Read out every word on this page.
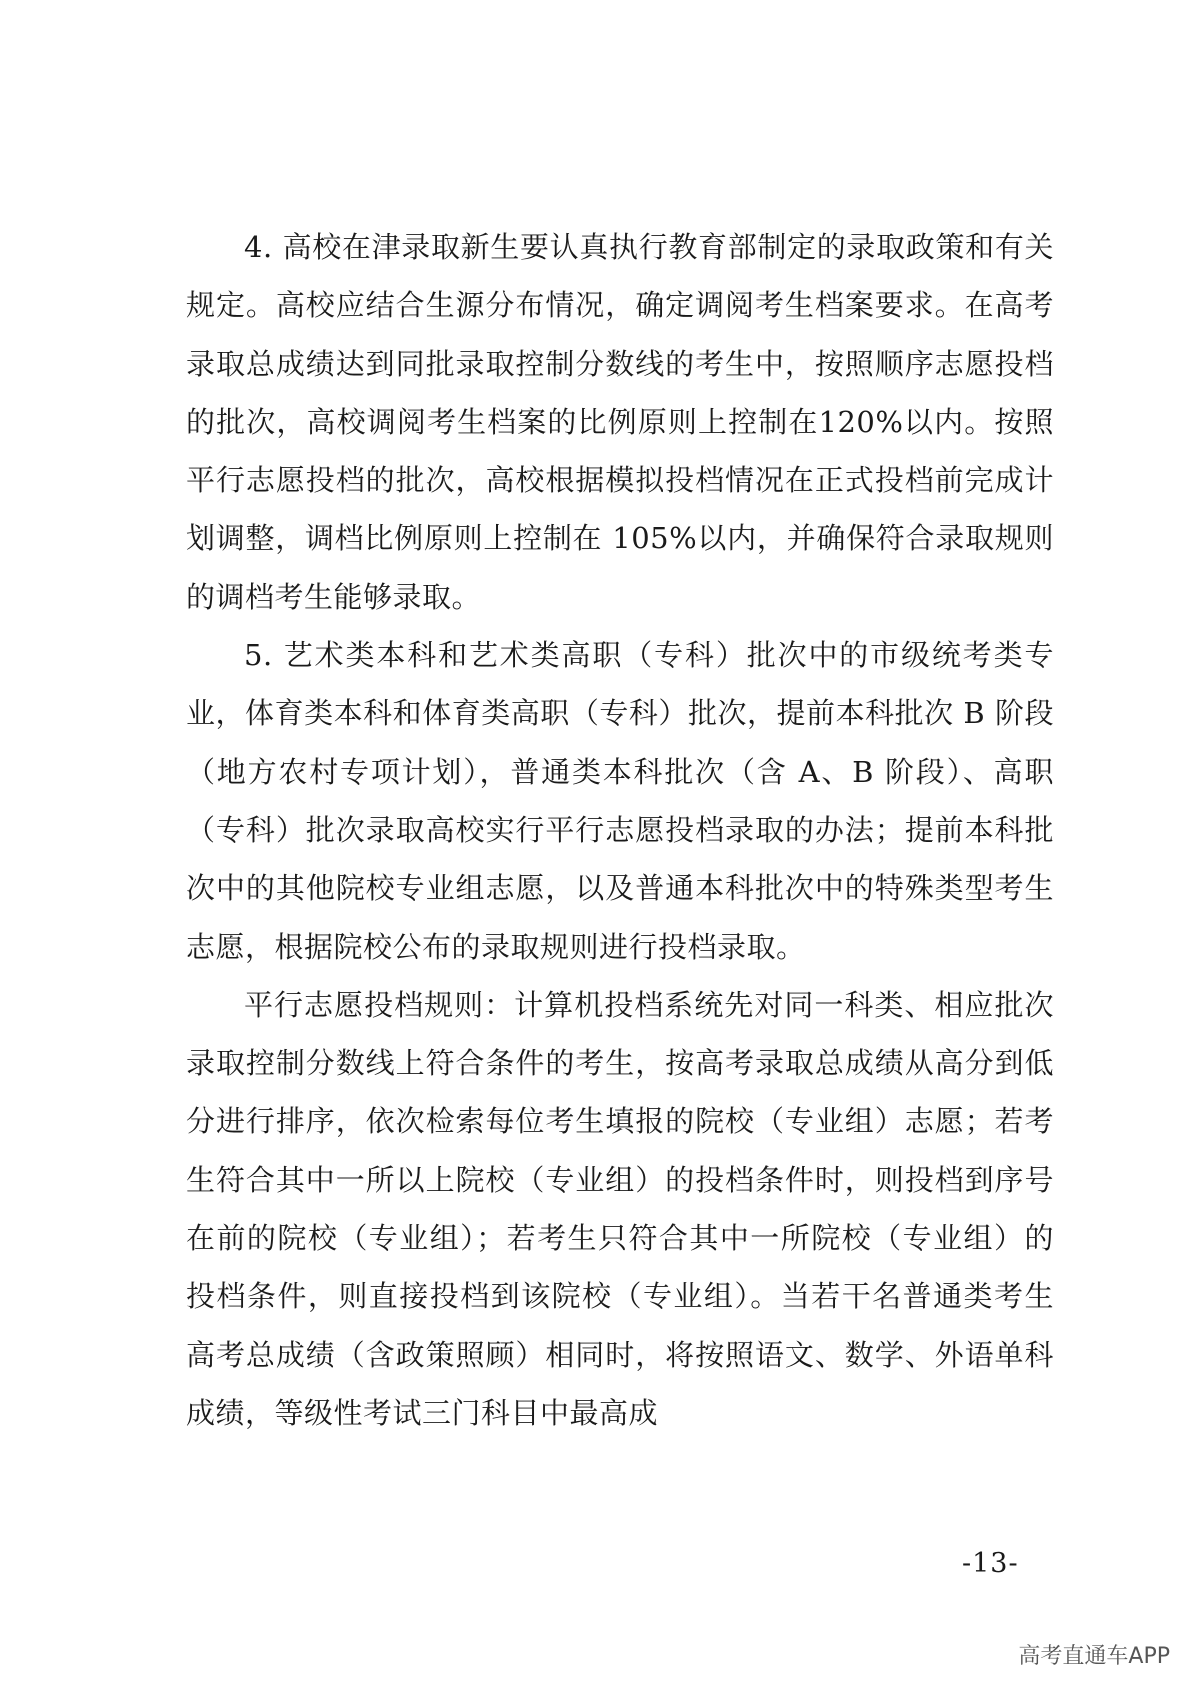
4. 高校在津录取新生要认真执行教育部制定的录取政策和有关规定。高校应结合生源分布情况，确定调阅考生档案要求。在高考录取总成绩达到同批录取控制分数线的考生中，按照顺序志愿投档的批次，高校调阅考生档案的比例原则上控制在120%以内。按照平行志愿投档的批次，高校根据模拟投档情况在正式投档前完成计划调整，调档比例原则上控制在 105%以内，并确保符合录取规则的调档考生能够录取。

5. 艺术类本科和艺术类高职（专科）批次中的市级统考类专业，体育类本科和体育类高职（专科）批次，提前本科批次 B 阶段（地方农村专项计划），普通类本科批次（含 A、B 阶段）、高职（专科）批次录取高校实行平行志愿投档录取的办法；提前本科批次中的其他院校专业组志愿，以及普通本科批次中的特殊类型考生志愿，根据院校公布的录取规则进行投档录取。

平行志愿投档规则：计算机投档系统先对同一科类、相应批次录取控制分数线上符合条件的考生，按高考录取总成绩从高分到低分进行排序，依次检索每位考生填报的院校（专业组）志愿；若考生符合其中一所以上院校（专业组）的投档条件时，则投档到序号在前的院校（专业组）；若考生只符合其中一所院校（专业组）的投档条件，则直接投档到该院校（专业组）。当若干名普通类考生高考总成绩（含政策照顾）相同时，将按照语文、数学、外语单科成绩，等级性考试三门科目中最高成

-13-
高考直通车APP
